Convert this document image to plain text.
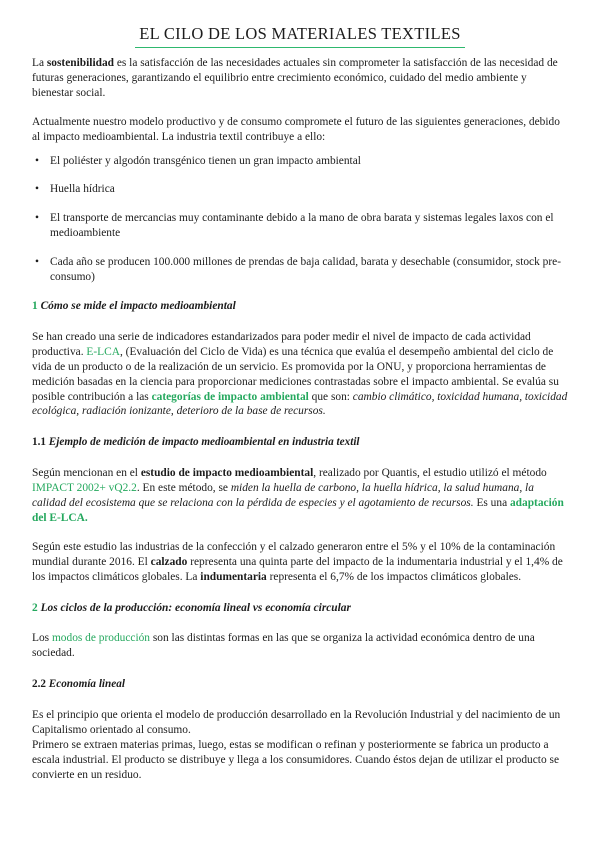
EL CILO DE LOS MATERIALES TEXTILES

La sostenibilidad es la satisfacción de las necesidades actuales sin comprometer la satisfacción de las necesidad de futuras generaciones, garantizando el equilibrio entre crecimiento económico, cuidado del medio ambiente y bienestar social.

Actualmente nuestro modelo productivo y de consumo compromete el futuro de las siguientes generaciones, debido al impacto medioambiental. La industria textil contribuye a ello:

• El poliéster y algodón transgénico tienen un gran impacto ambiental
• Huella hídrica
• El transporte de mercancias muy contaminante debido a la mano de obra barata y sistemas legales laxos con el medioambiente
• Cada año se producen 100.000 millones de prendas de baja calidad, barata y desechable (consumidor, stock pre-consumo)
1 Cómo se mide el impacto medioambiental

Se han creado una serie de indicadores estandarizados para poder medir el nivel de impacto de cada actividad productiva. E-LCA, (Evaluación del Ciclo de Vida) es una técnica que evalúa el desempeño ambiental del ciclo de vida de un producto o de la realización de un servicio. Es promovida por la ONU, y proporciona herramientas de medición basadas en la ciencia para proporcionar mediciones contrastadas sobre el impacto ambiental. Se evalúa su posible contribución a las categorías de impacto ambiental que son: cambio climático, toxicidad humana, toxicidad ecológica, radiación ionizante, deterioro de la base de recursos.

1.1 Ejemplo de medición de impacto medioambiental en industria textil

Según mencionan en el estudio de impacto medioambiental, realizado por Quantis, el estudio utilizó el método IMPACT 2002+ vQ2.2. En este método, se miden la huella de carbono, la huella hídrica, la salud humana, la calidad del ecosistema que se relaciona con la pérdida de especies y el agotamiento de recursos. Es una adaptación del E-LCA.

Según este estudio las industrias de la confección y el calzado generaron entre el 5% y el 10% de la contaminación mundial durante 2016. El calzado representa una quinta parte del impacto de la indumentaria industrial y el 1,4% de los impactos climáticos globales. La indumentaria representa el 6,7% de los impactos climáticos globales.

2 Los ciclos de la producción: economía lineal vs economía circular

Los modos de producción son las distintas formas en las que se organiza la actividad económica dentro de una sociedad.

2.2 Economía lineal

Es el principio que orienta el modelo de producción desarrollado en la Revolución Industrial y del nacimiento de un Capitalismo orientado al consumo.

Primero se extraen materias primas, luego, estas se modifican o refinan y posteriormente se fabrica un producto a escala industrial. El producto se distribuye y llega a los consumidores. Cuando éstos dejan de utilizar el producto se convierte en un residuo.
